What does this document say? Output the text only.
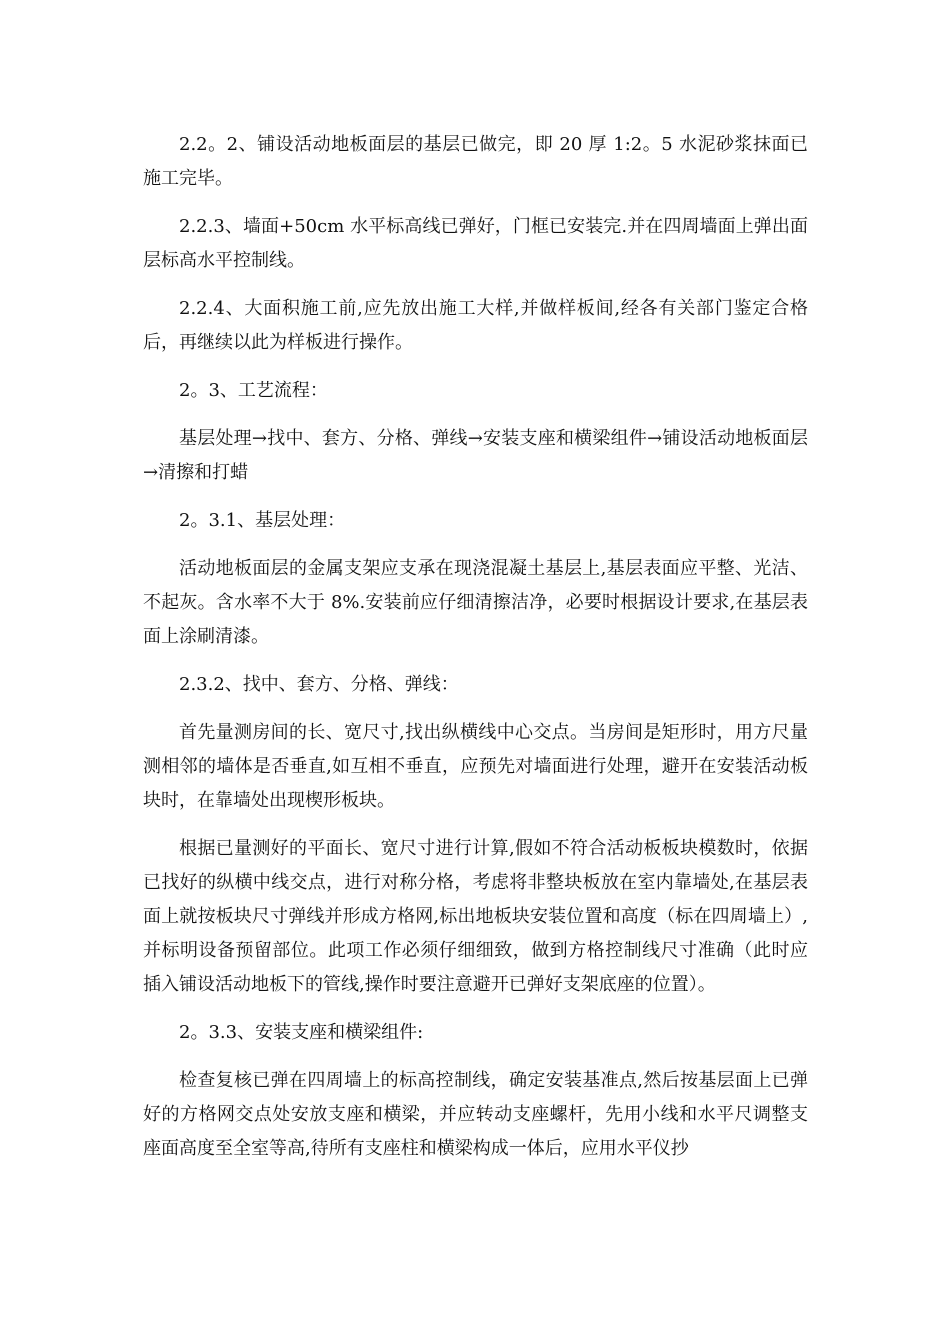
2.2。2、铺设活动地板面层的基层已做完，即 20 厚 1:2。5 水泥砂浆抹面已施工完毕。

2.2.3、墙面+50cm 水平标高线已弹好，门框已安装完.并在四周墙面上弹出面层标高水平控制线。

2.2.4、大面积施工前,应先放出施工大样,并做样板间,经各有关部门鉴定合格后，再继续以此为样板进行操作。

2。3、工艺流程：

基层处理→找中、套方、分格、弹线→安装支座和横梁组件→铺设活动地板面层→清擦和打蜡

2。3.1、基层处理：

活动地板面层的金属支架应支承在现浇混凝土基层上,基层表面应平整、光洁、不起灰。含水率不大于 8%.安装前应仔细清擦洁净，必要时根据设计要求,在基层表面上涂刷清漆。

2.3.2、找中、套方、分格、弹线：

首先量测房间的长、宽尺寸,找出纵横线中心交点。当房间是矩形时，用方尺量测相邻的墙体是否垂直,如互相不垂直，应预先对墙面进行处理，避开在安装活动板块时，在靠墙处出现楔形板块。

根据已量测好的平面长、宽尺寸进行计算,假如不符合活动板板块模数时，依据已找好的纵横中线交点，进行对称分格，考虑将非整块板放在室内靠墙处,在基层表面上就按板块尺寸弹线并形成方格网,标出地板块安装位置和高度（标在四周墙上）,并标明设备预留部位。此项工作必须仔细细致，做到方格控制线尺寸准确（此时应插入铺设活动地板下的管线,操作时要注意避开已弹好支架底座的位置）。

2。3.3、安装支座和横梁组件:

检查复核已弹在四周墙上的标高控制线，确定安装基准点,然后按基层面上已弹好的方格网交点处安放支座和横梁，并应转动支座螺杆，先用小线和水平尺调整支座面高度至全室等高,待所有支座柱和横梁构成一体后，应用水平仪抄
